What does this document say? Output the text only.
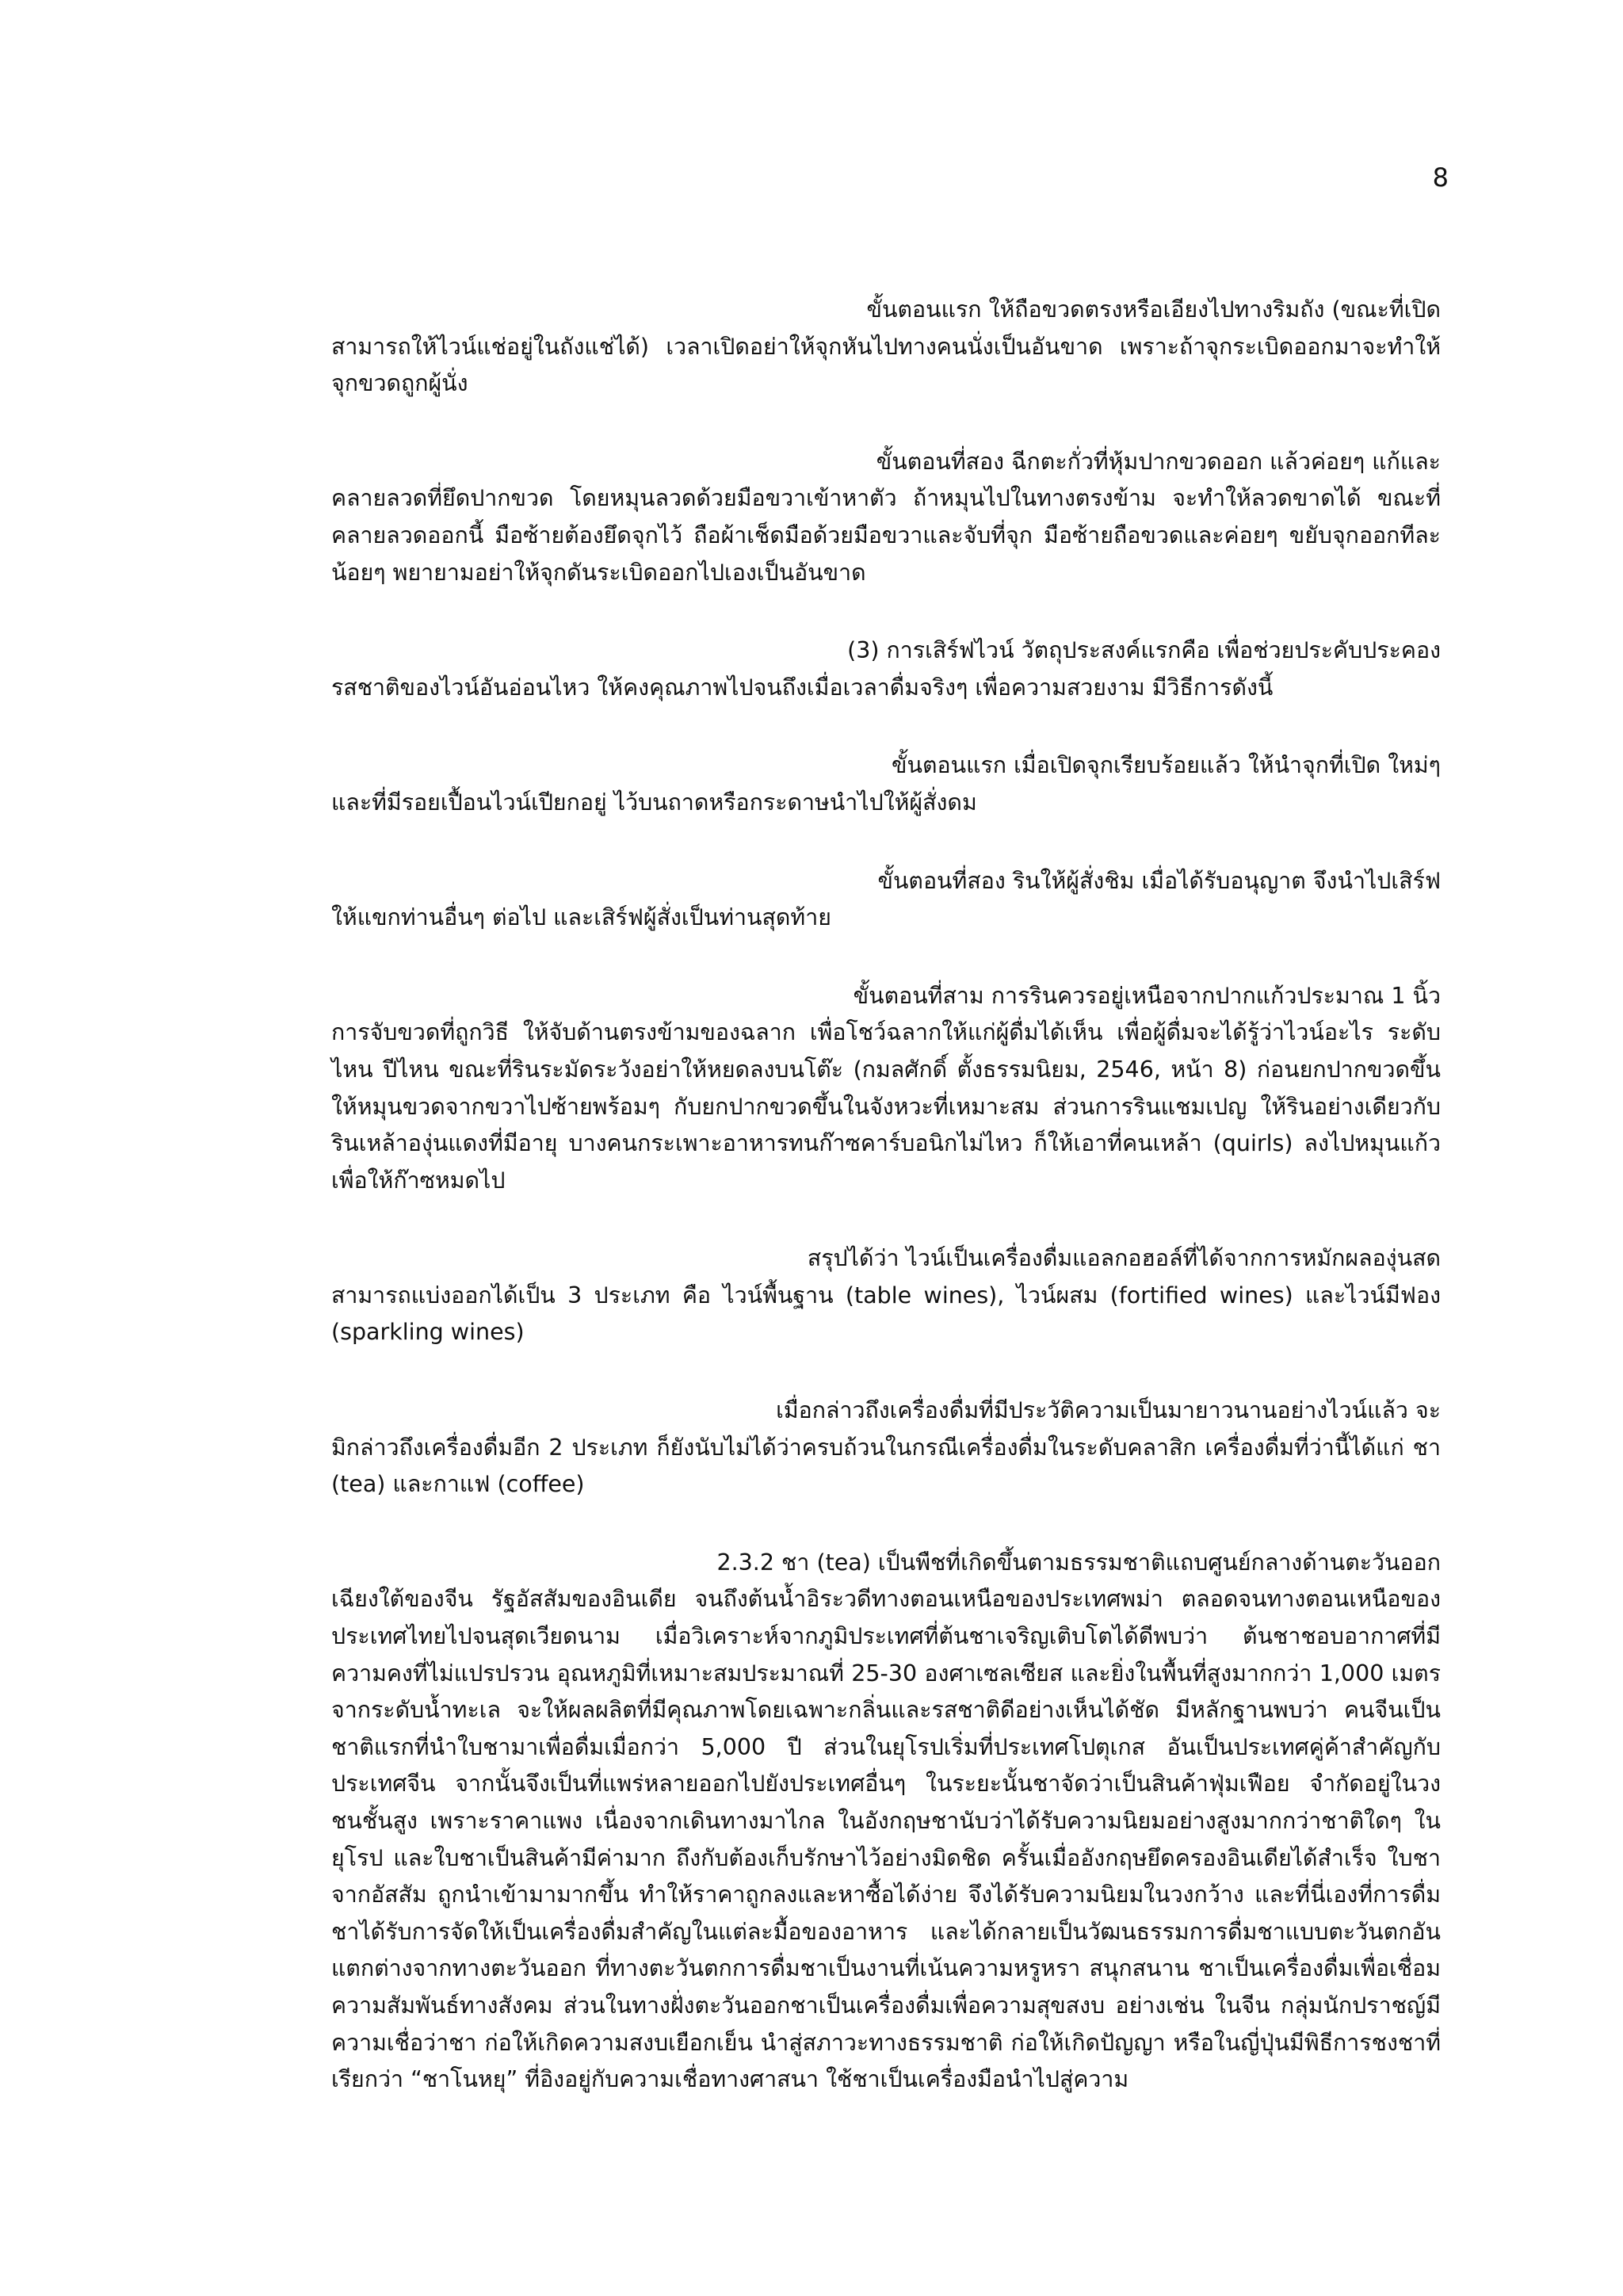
8

ขั้นตอนแรก ให้ถือขวดตรงหรือเอียงไปทางริมถัง (ขณะที่เปิด
สามารถให้ไวน์แช่อยู่ในถังแช่ได้) เวลาเปิดอย่าให้จุกหันไปทางคนนั่งเป็นอันขาด เพราะถ้าจุกระเบิดออกมาจะทำให้จุกขวดถูกผู้นั่ง

ขั้นตอนที่สอง ฉีกตะกั่วที่หุ้มปากขวดออก แล้วค่อยๆ แก้และ
คลายลวดที่ยึดปากขวด โดยหมุนลวดด้วยมือขวาเข้าหาตัว ถ้าหมุนไปในทางตรงข้าม จะทำให้ลวดขาดได้ ขณะที่คลายลวดออกนี้ มือซ้ายต้องยึดจุกไว้ ถือผ้าเช็ดมือด้วยมือขวาและจับที่จุก มือซ้ายถือขวดและค่อยๆ ขยับจุกออกทีละน้อยๆ พยายามอย่าให้จุกดันระเบิดออกไปเองเป็นอันขาด

(3) การเสิร์ฟไวน์ วัตถุประสงค์แรกคือ เพื่อช่วยประคับประคอง
รสชาติของไวน์อันอ่อนไหว ให้คงคุณภาพไปจนถึงเมื่อเวลาดื่มจริงๆ เพื่อความสวยงาม มีวิธีการดังนี้

ขั้นตอนแรก เมื่อเปิดจุกเรียบร้อยแล้ว ให้นำจุกที่เปิด ใหม่ๆ
และที่มีรอยเปื้อนไวน์เปียกอยู่ ไว้บนถาดหรือกระดาษนำไปให้ผู้สั่งดม

ขั้นตอนที่สอง รินให้ผู้สั่งชิม เมื่อได้รับอนุญาต จึงนำไปเสิร์ฟ
ให้แขกท่านอื่นๆ ต่อไป และเสิร์ฟผู้สั่งเป็นท่านสุดท้าย

ขั้นตอนที่สาม การรินควรอยู่เหนือจากปากแก้วประมาณ 1 นิ้ว
การจับขวดที่ถูกวิธี ให้จับด้านตรงข้ามของฉลาก เพื่อโชว์ฉลากให้แก่ผู้ดื่มได้เห็น เพื่อผู้ดื่มจะได้รู้ว่าไวน์อะไร ระดับไหน ปีไหน ขณะที่รินระมัดระวังอย่าให้หยดลงบนโต๊ะ (กมลศักดิ์ ตั้งธรรมนิยม, 2546, หน้า 8) ก่อนยกปากขวดขึ้นให้หมุนขวดจากขวาไปซ้ายพร้อมๆ กับยกปากขวดขึ้นในจังหวะที่เหมาะสม ส่วนการรินแชมเปญ ให้รินอย่างเดียวกับรินเหล้าองุ่นแดงที่มีอายุ บางคนกระเพาะอาหารทนก๊าซคาร์บอนิกไม่ไหว ก็ให้เอาที่คนเหล้า (quirls) ลงไปหมุนแก้ว เพื่อให้ก๊าซหมดไป

สรุปได้ว่า ไวน์เป็นเครื่องดื่มแอลกอฮอล์ที่ได้จากการหมักผลองุ่นสด
สามารถแบ่งออกได้เป็น 3 ประเภท คือ ไวน์พื้นฐาน (table wines), ไวน์ผสม (fortified wines) และไวน์มีฟอง (sparkling wines)

เมื่อกล่าวถึงเครื่องดื่มที่มีประวัติความเป็นมายาวนานอย่างไวน์แล้ว จะ
มิกล่าวถึงเครื่องดื่มอีก 2 ประเภท ก็ยังนับไม่ได้ว่าครบถ้วนในกรณีเครื่องดื่มในระดับคลาสิก เครื่องดื่มที่ว่านี้ได้แก่ ชา (tea) และกาแฟ (coffee)

2.3.2 ชา (tea) เป็นพืชที่เกิดขึ้นตามธรรมชาติแถบศูนย์กลางด้านตะวันออก
เฉียงใต้ของจีน รัฐอัสสัมของอินเดีย จนถึงต้นน้ำอิระวดีทางตอนเหนือของประเทศพม่า ตลอดจนทางตอนเหนือของประเทศไทยไปจนสุดเวียดนาม เมื่อวิเคราะห์จากภูมิประเทศที่ต้นชาเจริญเติบโตได้ดีพบว่า ต้นชาชอบอากาศที่มีความคงที่ไม่แปรปรวน อุณหภูมิที่เหมาะสมประมาณที่ 25-30 องศาเซลเซียส และยิ่งในพื้นที่สูงมากกว่า 1,000 เมตร จากระดับน้ำทะเล จะให้ผลผลิตที่มีคุณภาพโดยเฉพาะกลิ่นและรสชาติดีอย่างเห็นได้ชัด มีหลักฐานพบว่า คนจีนเป็นชาติแรกที่นำใบชามาเพื่อดื่มเมื่อกว่า 5,000 ปี ส่วนในยุโรปเริ่มที่ประเทศโปตุเกส อันเป็นประเทศคู่ค้าสำคัญกับประเทศจีน จากนั้นจึงเป็นที่แพร่หลายออกไปยังประเทศอื่นๆ ในระยะนั้นชาจัดว่าเป็นสินค้าฟุ่มเฟือย จำกัดอยู่ในวงชนชั้นสูง เพราะราคาแพง เนื่องจากเดินทางมาไกล ในอังกฤษชานับว่าได้รับความนิยมอย่างสูงมากกว่าชาติใดๆ ในยุโรป และใบชาเป็นสินค้ามีค่ามาก ถึงกับต้องเก็บรักษาไว้อย่างมิดชิด ครั้นเมื่ออังกฤษยึดครองอินเดียได้สำเร็จ ใบชาจากอัสสัม ถูกนำเข้ามามากขึ้น ทำให้ราคาถูกลงและหาซื้อได้ง่าย จึงได้รับความนิยมในวงกว้าง และที่นี่เองที่การดื่มชาได้รับการจัดให้เป็นเครื่องดื่มสำคัญในแต่ละมื้อของอาหาร และได้กลายเป็นวัฒนธรรมการดื่มชาแบบตะวันตกอันแตกต่างจากทางตะวันออก ที่ทางตะวันตกการดื่มชาเป็นงานที่เน้นความหรูหรา สนุกสนาน ชาเป็นเครื่องดื่มเพื่อเชื่อมความสัมพันธ์ทางสังคม ส่วนในทางฝั่งตะวันออกชาเป็นเครื่องดื่มเพื่อความสุขสงบ อย่างเช่น ในจีน กลุ่มนักปราชญ์มีความเชื่อว่าชา ก่อให้เกิดความสงบเยือกเย็น นำสู่สภาวะทางธรรมชาติ ก่อให้เกิดปัญญา หรือในญี่ปุ่นมีพิธีการชงชาที่เรียกว่า “ชาโนหยุ” ที่อิงอยู่กับความเชื่อทางศาสนา ใช้ชาเป็นเครื่องมือนำไปสู่ความ
